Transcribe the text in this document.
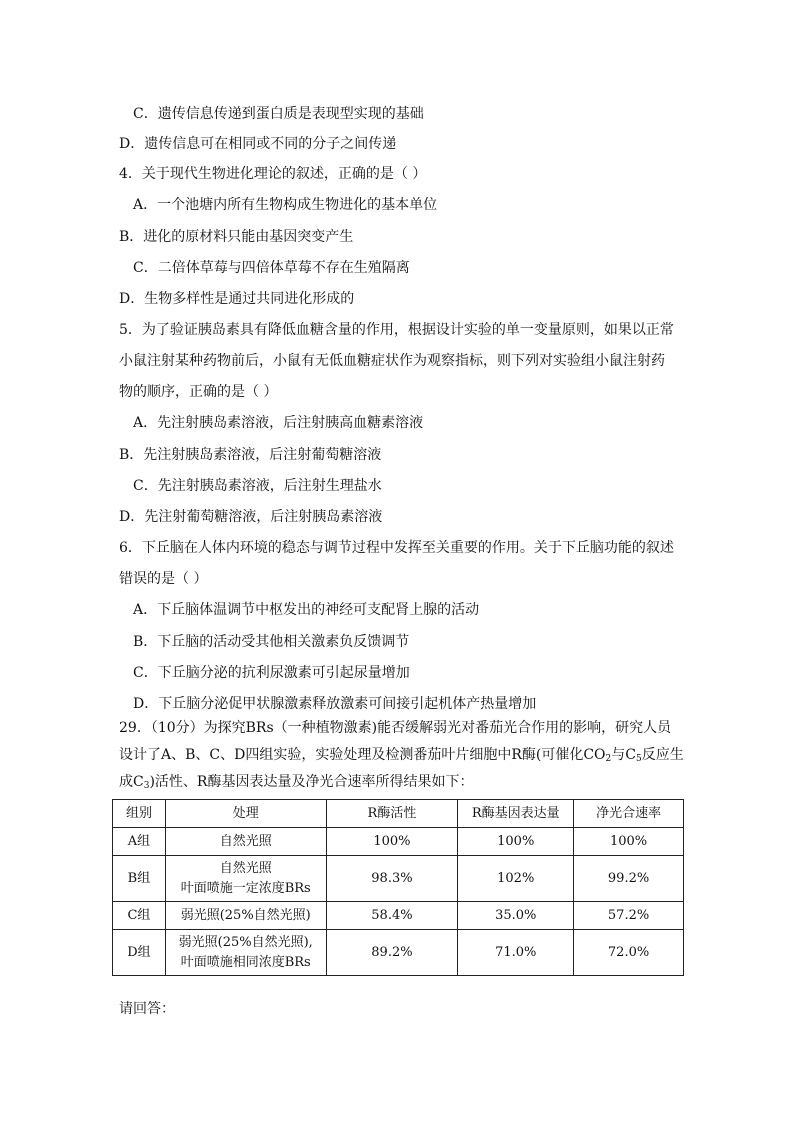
C．遗传信息传递到蛋白质是表现型实现的基础
D．遗传信息可在相同或不同的分子之间传递
4．关于现代生物进化理论的叙述，正确的是（ ）
A．一个池塘内所有生物构成生物进化的基本单位
B．进化的原材料只能由基因突变产生
C．二倍体草莓与四倍体草莓不存在生殖隔离
D．生物多样性是通过共同进化形成的
5．为了验证胰岛素具有降低血糖含量的作用，根据设计实验的单一变量原则，如果以正常
小鼠注射某种药物前后，小鼠有无低血糖症状作为观察指标，则下列对实验组小鼠注射药
物的顺序，正确的是（ ）
A．先注射胰岛素溶液，后注射胰高血糖素溶液
B．先注射胰岛素溶液，后注射葡萄糖溶液
C．先注射胰岛素溶液，后注射生理盐水
D．先注射葡萄糖溶液，后注射胰岛素溶液
6．下丘脑在人体内环境的稳态与调节过程中发挥至关重要的作用。关于下丘脑功能的叙述
错误的是（ ）
A．下丘脑体温调节中枢发出的神经可支配肾上腺的活动
B．下丘脑的活动受其他相关激素负反馈调节
C．下丘脑分泌的抗利尿激素可引起尿量增加
D．下丘脑分泌促甲状腺激素释放激素可间接引起机体产热量增加
29．（10分）为探究BRs（一种植物激素)能否缓解弱光对番茄光合作用的影响，研究人员
设计了A、B、C、D四组实验，实验处理及检测番茄叶片细胞中R酶(可催化$CO_2$与$C_5$反应生
成$C_3$)活性、R酶基因表达量及净光合速率所得结果如下：
组别	处理	R酶活性	R酶基因表达量	净光合速率
A组	自然光照	100%	100%	100%
B组	自然光照
叶面喷施一定浓度BRs	98.3%	102%	99.2%
C组	弱光照(25%自然光照)	58.4%	35.0%	57.2%
D组	弱光照(25%自然光照),
叶面喷施相同浓度BRs	89.2%	71.0%	72.0%
请回答：
